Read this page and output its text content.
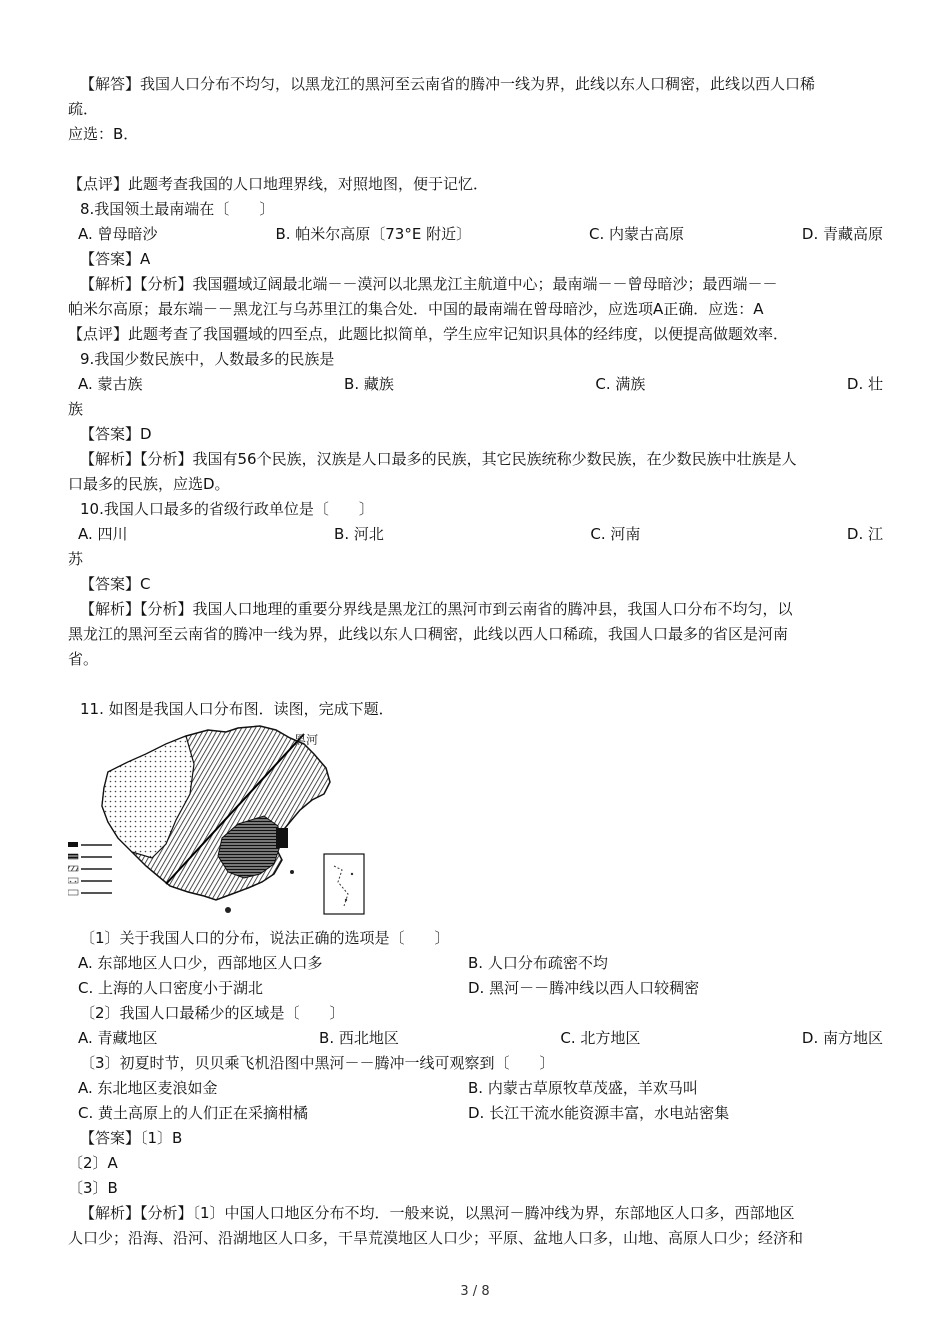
【解答】我国人口分布不均匀，以黑龙江的黑河至云南省的腾冲一线为界，此线以东人口稠密，此线以西人口稀

疏．

应选：B．

【点评】此题考查我国的人口地理界线，对照地图，便于记忆．

8.我国领土最南端在〔　　〕

A. 曾母暗沙	B. 帕米尔高原〔73°E 附近〕	C. 内蒙古高原	D. 青藏高原

【答案】A

【解析】【分析】我国疆域辽阔最北端－－漠河以北黑龙江主航道中心；最南端－－曾母暗沙；最西端－－

帕米尔高原；最东端－－黑龙江与乌苏里江的集合处．中国的最南端在曾母暗沙，应选项A正确．应选：A

【点评】此题考查了我国疆域的四至点，此题比拟简单，学生应牢记知识具体的经纬度，以便提高做题效率．

9.我国少数民族中，人数最多的民族是

A. 蒙古族	B. 藏族	C. 满族	D. 壮

族

【答案】D

【解析】【分析】我国有56个民族，汉族是人口最多的民族，其它民族统称少数民族，在少数民族中壮族是人

口最多的民族，应选D。

10.我国人口最多的省级行政单位是〔　　〕

A. 四川	B. 河北	C. 河南	D. 江

苏

【答案】C

【解析】【分析】我国人口地理的重要分界线是黑龙江的黑河市到云南省的腾冲县，我国人口分布不均匀，以

黑龙江的黑河至云南省的腾冲一线为界，此线以东人口稠密，此线以西人口稀疏，我国人口最多的省区是河南

省。

11. 如图是我国人口分布图．读图，完成下题．

黑河

〔1〕关于我国人口的分布，说法正确的选项是〔　　〕

A. 东部地区人口少，西部地区人口多	B. 人口分布疏密不均
C. 上海的人口密度小于湖北	D. 黑河－－腾冲线以西人口较稠密

〔2〕我国人口最稀少的区域是〔　　〕

A. 青藏地区	B. 西北地区	C. 北方地区	D. 南方地区

〔3〕初夏时节，贝贝乘飞机沿图中黑河－－腾冲一线可观察到〔　　〕

A. 东北地区麦浪如金	B. 内蒙古草原牧草茂盛，羊欢马叫
C. 黄土高原上的人们正在采摘柑橘	D. 长江干流水能资源丰富，水电站密集

【答案】〔1〕B

〔2〕A

〔3〕B

【解析】【分析】〔1〕中国人口地区分布不均．一般来说，以黑河－腾冲线为界，东部地区人口多，西部地区

人口少；沿海、沿河、沿湖地区人口多，干旱荒漠地区人口少；平原、盆地人口多，山地、高原人口少；经济和

3 / 8
